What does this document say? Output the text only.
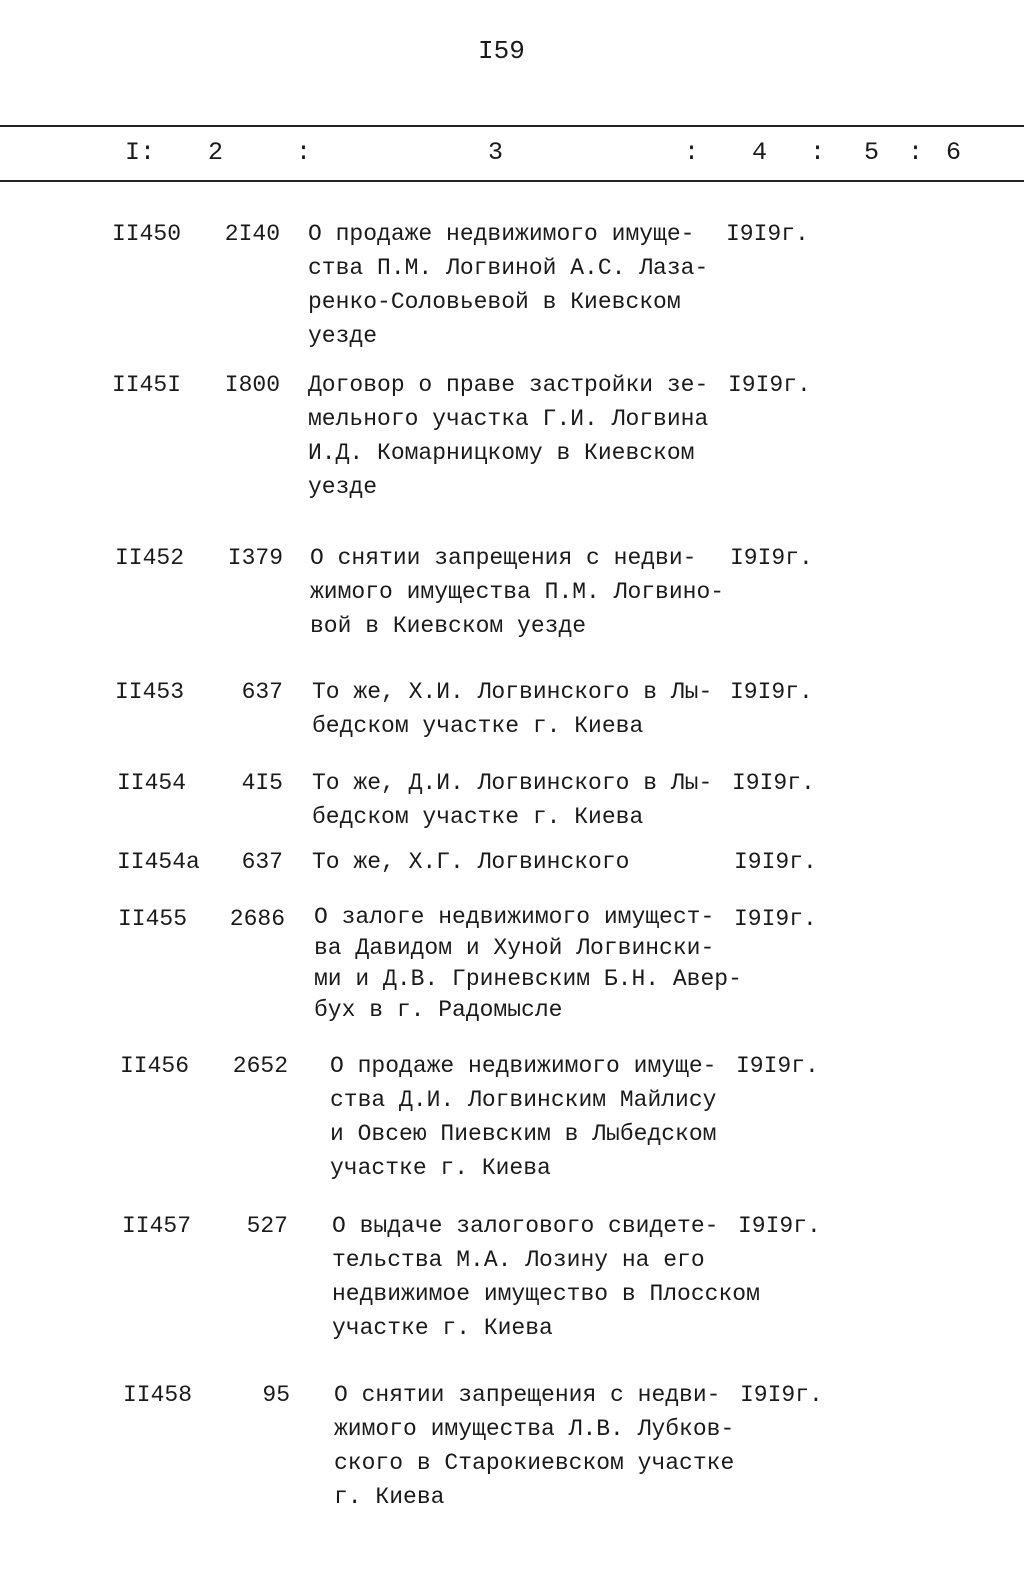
I59
I: 2	:	3	: 4 : 5 : 6
II450	2I40 О продаже недвижимого имуще-
ства П.М. Логвиной А.С. Лаза-
ренко-Соловьевой в Киевском
уезде
I9I9г.
II45I	I800 Договор о праве застройки зе-
мельного участка Г.И. Логвина
И.Д. Комарницкому в Киевском
уезде
I9I9г.
II452	I379 О снятии запрещения с недви-
жимого имущества П.М. Логвино-
вой в Киевском уезде
I9I9г.
II453	637 То же, Х.И. Логвинского в Лы-
бедском участке г. Киева
I9I9г.
II454	4I5 То же, Д.И. Логвинского в Лы-
бедском участке г. Киева
I9I9г.
II454а	637 То же, Х.Г. Логвинского	I9I9г.
II455	2686 О залоге недвижимого имущест-
ва Давидом и Хуной Логвински-
ми и Д.В. Гриневским Б.Н. Авер-
бух в г. Радомысле
I9I9г.
II456	2652 О продаже недвижимого имуще-
ства Д.И. Логвинским Майлису
и Овсею Пиевским в Лыбедском
участке г. Киева
I9I9г.
II457	527 О выдаче залогового свидете-
тельства М.А. Лозину на его
недвижимое имущество в Плосском
участке г. Киева
I9I9г.
II458	95 О снятии запрещения с недви-
жимого имущества Л.В. Лубков-
ского в Старокиевском участке
г. Киева
I9I9г.
